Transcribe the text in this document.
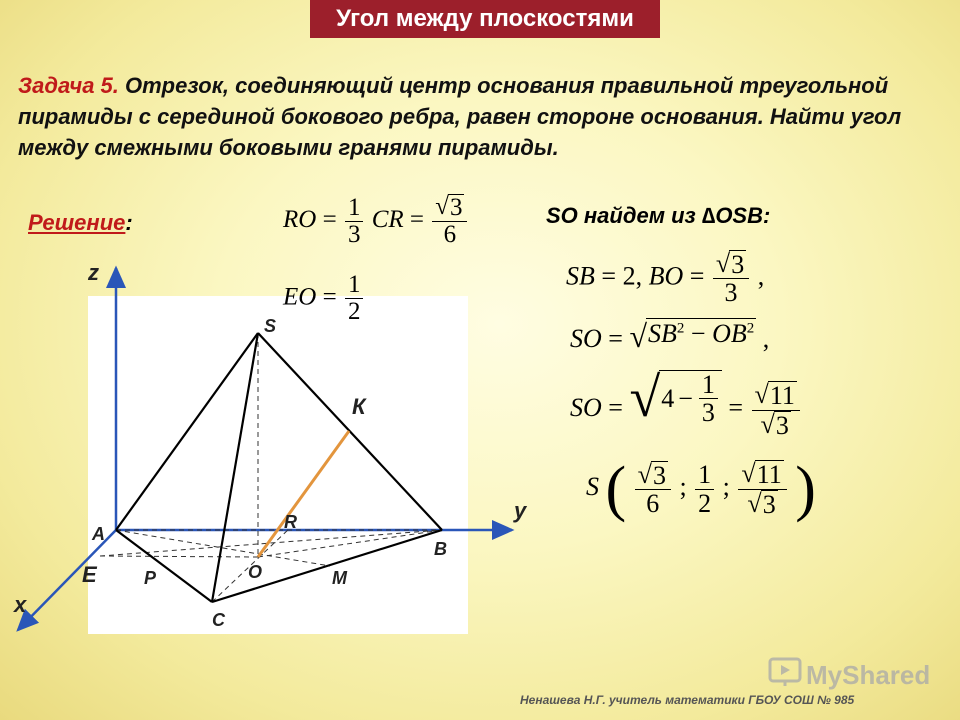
Угол между плоскостями
Задача 5. Отрезок, соединяющий центр основания правильной треугольной пирамиды с серединой бокового ребра, равен стороне основания. Найти угол между смежными боковыми гранями пирамиды.
Решение:	SO найдем из ∆OSB:
RO = $\frac{1}{3}$ CR = $\frac{√ 3}{6}$
EO = $\frac{1}{2}$	SB = 2, BO = $\frac{√ 3}{3}$ ,
SO = √ $SB^2 - OB^2$ ,
SO = √ $4 - \frac{1}{3} = \frac{√ 11}{√ 3}$
S ( $\frac{√ 3}{6}$ ; $\frac{1}{2}$ ; $\frac{√ 11}{√ 3}$ )
z
y
x
S
К
A
B
C
R
E	P	O	M
MyShared
Ненашева Н.Г. учитель математики ГБОУ СОШ № 985
